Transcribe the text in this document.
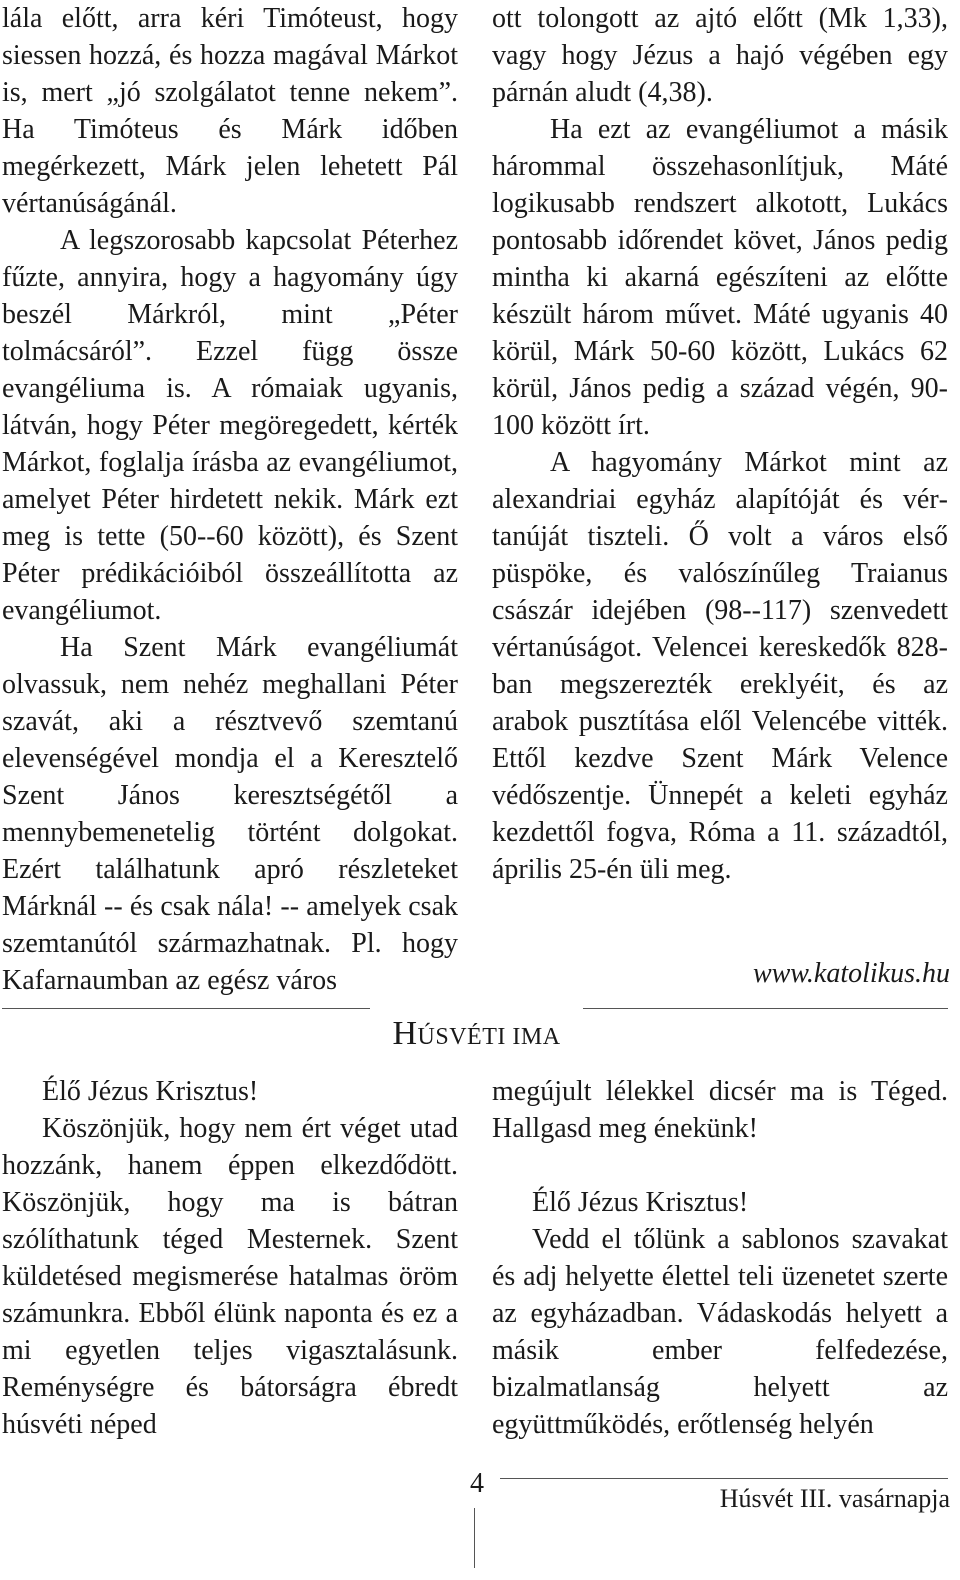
lála előtt, arra kéri Timóteust, hogy siessen hozzá, és hozza magával Márkot is, mert „jó szolgálatot tenne nekem”. Ha Timóteus és Márk időben megérkezett, Márk jelen lehetett Pál vértanúságánál.

A legszorosabb kapcsolat Péterhez fűzte, annyira, hogy a hagyomány úgy beszél Márkról, mint „Péter tolmácsáról”. Ezzel függ össze evangéliuma is. A rómaiak ugyanis, látván, hogy Péter megöregedett, kérték Márkot, foglalja írásba az evangéliumot, amelyet Péter hirdetett nekik. Márk ezt meg is tette (50--60 között), és Szent Péter prédikációiból összeállította az evangéliumot.

Ha Szent Márk evangéliumát olvassuk, nem nehéz meghallani Péter szavát, aki a résztvevő szemtanú elevenségével mondja el a Keresztelő Szent János keresztségétől a mennybemenetelig történt dolgokat. Ezért találhatunk apró részleteket Márknál -- és csak nála! -- amelyek csak szemtanútól származhatnak. Pl. hogy Kafarnaumban az egész város

ott tolongott az ajtó előtt (Mk 1,33), vagy hogy Jézus a hajó végében egy párnán aludt (4,38).

Ha ezt az evangéliumot a másik hárommal összehasonlítjuk, Máté logikusabb rendszert alkotott, Lukács pontosabb időrendet követ, János pedig mintha ki akarná egészíteni az előtte készült három művet. Máté ugyanis 40 körül, Márk 50-60 között, Lukács 62 körül, János pedig a század végén, 90-100 között írt.

A hagyomány Márkot mint az alexandriai egyház alapítóját és vértanúját tiszteli. Ő volt a város első püspöke, és valószínűleg Traianus császár idejében (98--117) szenvedett vértanúságot. Velencei kereskedők 828-ban megszerezték ereklyéit, és az arabok pusztítása elől Velencébe vitték. Ettől kezdve Szent Márk Velence védőszentje. Ünnepét a keleti egyház kezdettől fogva, Róma a 11. századtól, április 25-én üli meg.

www.katolikus.hu
HÚSVÉTI IMA

Élő Jézus Krisztus!

Köszönjük, hogy nem ért véget utad hozzánk, hanem éppen elkezdődött. Köszönjük, hogy ma is bátran szólíthatunk téged Mesternek. Szent küldetésed megismerése hatalmas öröm számunkra. Ebből élünk naponta és ez a mi egyetlen teljes vigasztalásunk. Reménységre és bátorságra ébredt húsvéti néped

megújult lélekkel dicsér ma is Téged. Hallgasd meg énekünk!

Élő Jézus Krisztus!

Vedd el tőlünk a sablonos szavakat és adj helyette élettel teli üzenetet szerte az egyházadban. Vádaskodás helyett a másik ember felfedezése, bizalmatlanság helyett az együttműködés, erőtlenség helyén

4	Húsvét III. vasárnapja
